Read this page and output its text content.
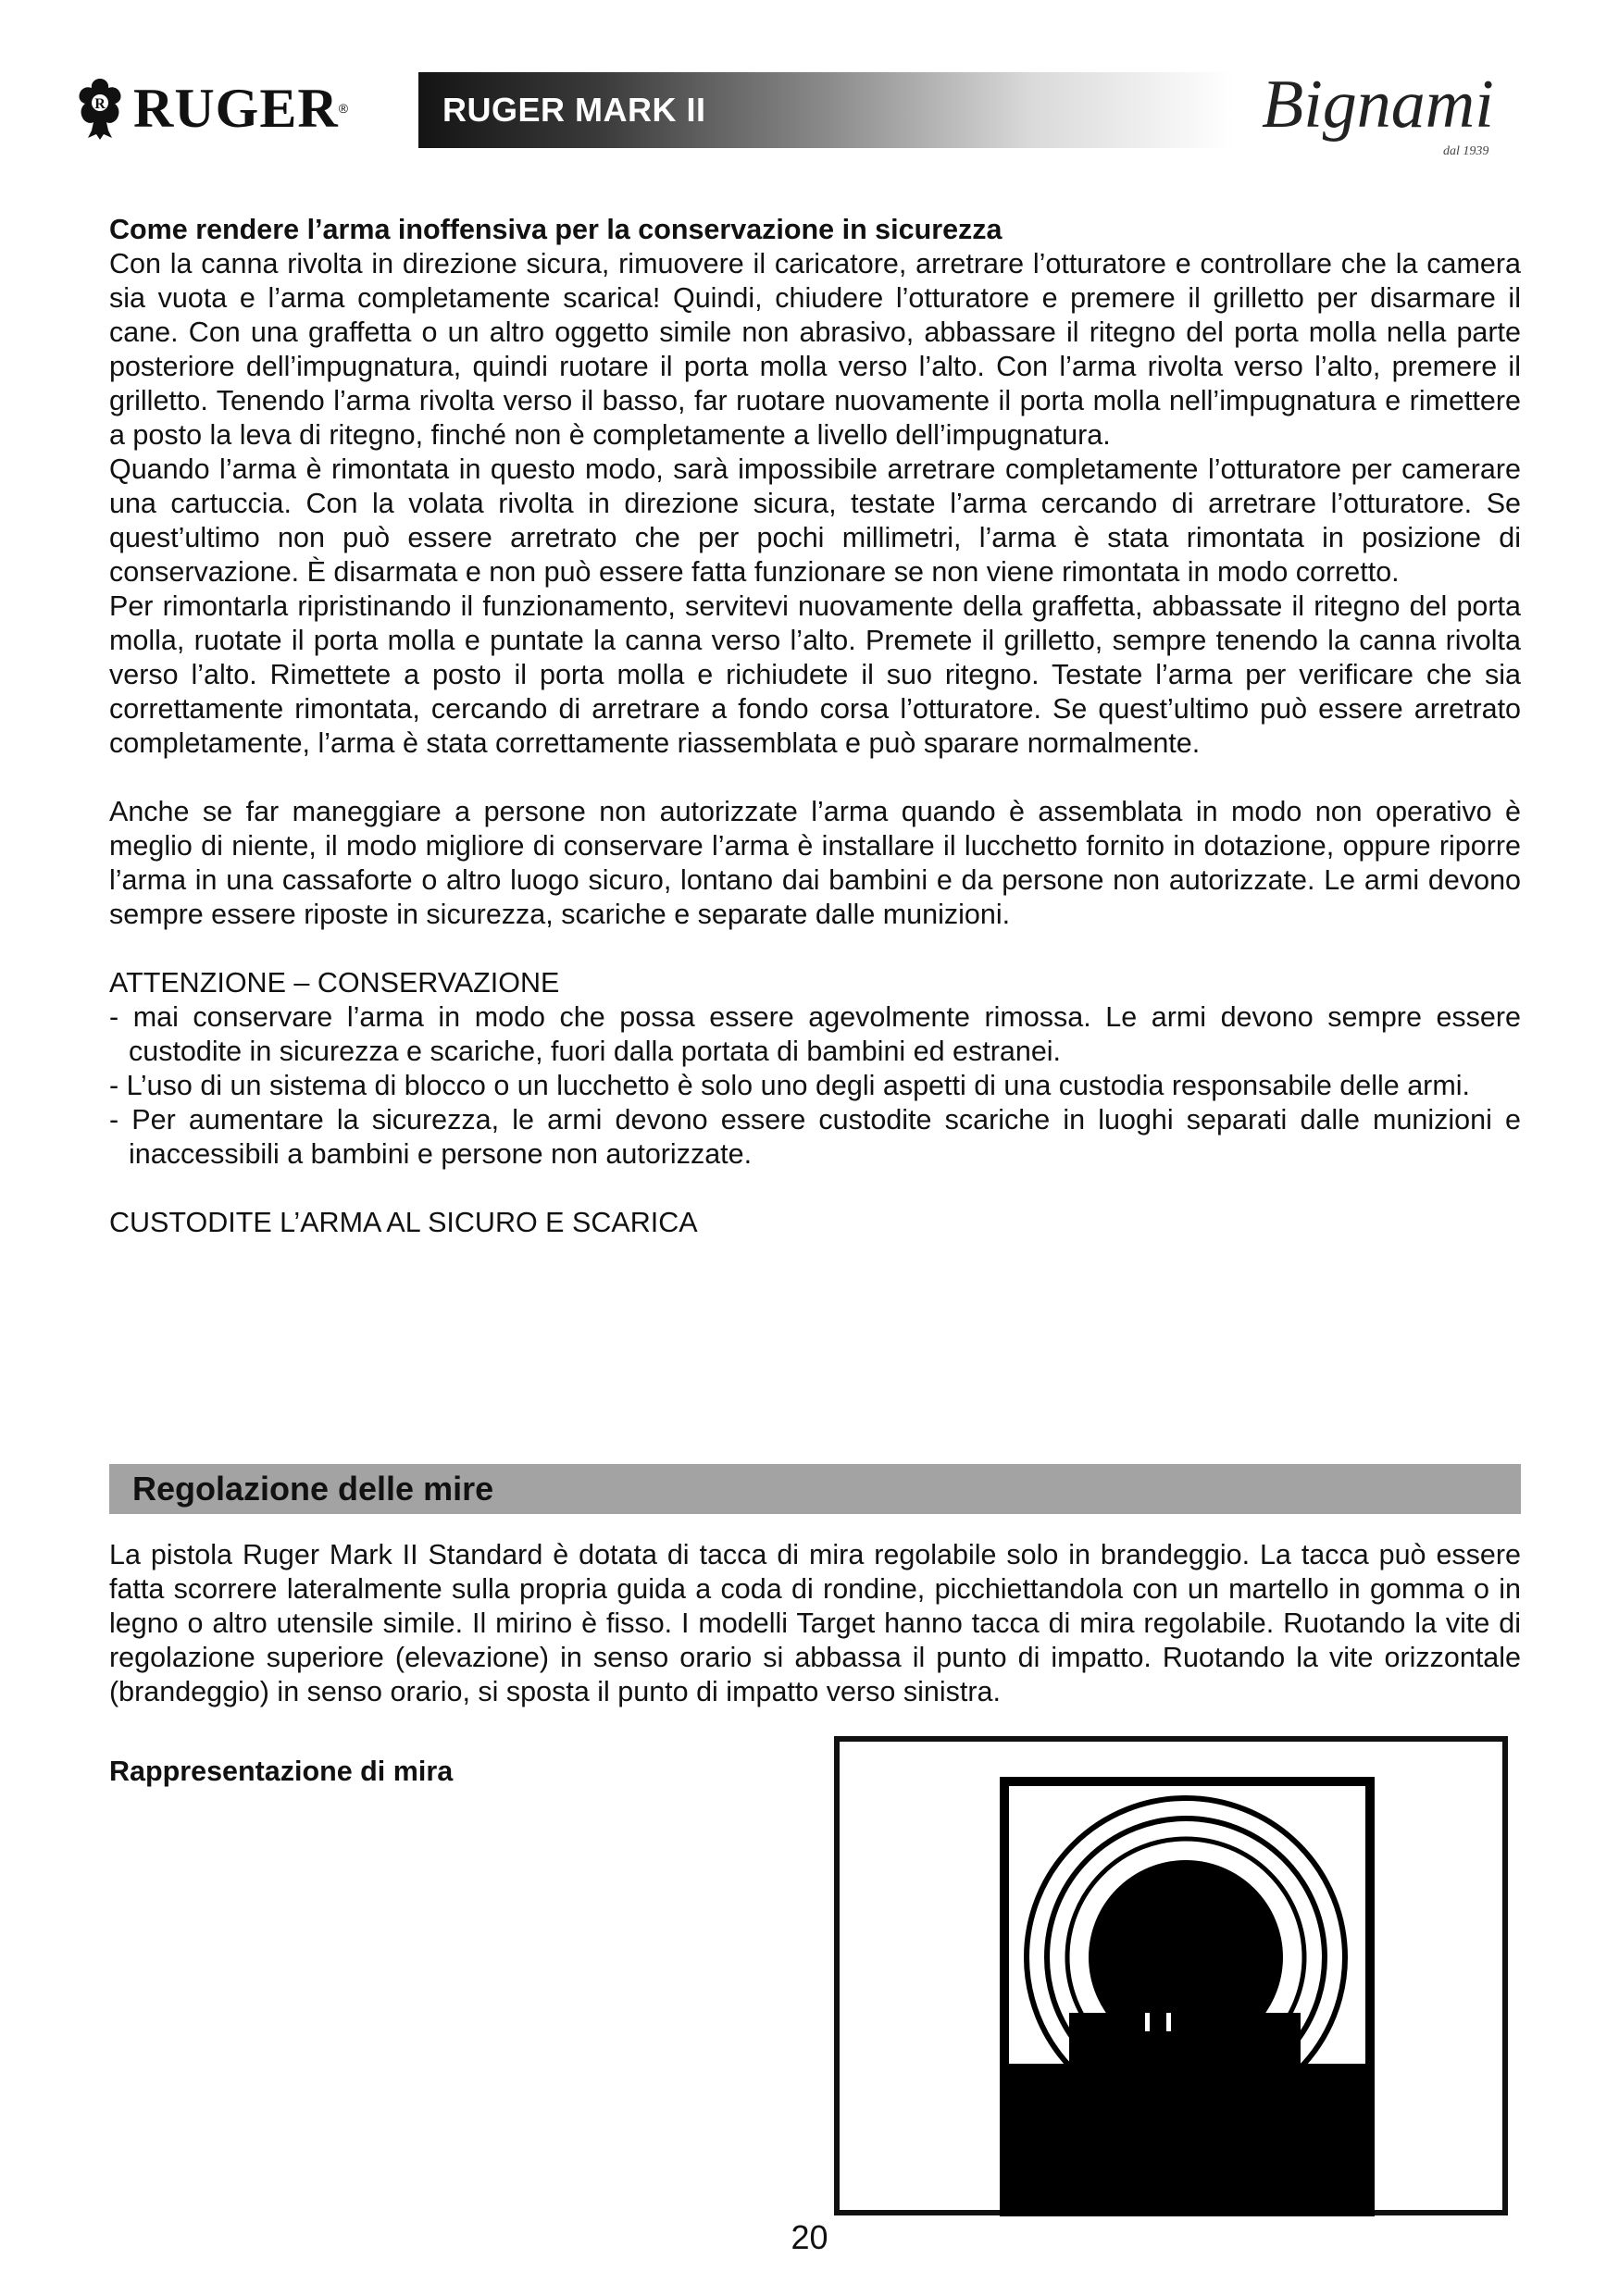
R RUGER ®	RUGER MARK II	Bignami
dal 1939

Come rendere l’arma inoffensiva per la conservazione in sicurezza

Con la canna rivolta in direzione sicura, rimuovere il caricatore, arretrare l’otturatore e controllare che la camera sia vuota e l’arma completamente scarica! Quindi, chiudere l’otturatore e premere il grilletto per disarmare il cane. Con una graffetta o un altro oggetto simile non abrasivo, abbassare il ritegno del porta molla nella parte posteriore dell’impugnatura, quindi ruotare il porta molla verso l’alto. Con l’arma rivolta verso l’alto, premere il grilletto. Tenendo l’arma rivolta verso il basso, far ruotare nuovamente il porta molla nell’impugnatura e rimettere a posto la leva di ritegno, finché non è completamente a livello dell’impugnatura.

Quando l’arma è rimontata in questo modo, sarà impossibile arretrare completamente l’otturatore per camerare una cartuccia. Con la volata rivolta in direzione sicura, testate l’arma cercando di arretrare l’otturatore. Se quest’ultimo non può essere arretrato che per pochi millimetri, l’arma è stata rimontata in posizione di conservazione. È disarmata e non può essere fatta funzionare se non viene rimontata in modo corretto.

Per rimontarla ripristinando il funzionamento, servitevi nuovamente della graffetta, abbassate il ritegno del porta molla, ruotate il porta molla e puntate la canna verso l’alto. Premete il grilletto, sempre tenendo la canna rivolta verso l’alto. Rimettete a posto il porta molla e richiudete il suo ritegno. Testate l’arma per verificare che sia correttamente rimontata, cercando di arretrare a fondo corsa l’otturatore. Se quest’ultimo può essere arretrato completamente, l’arma è stata correttamente riassemblata e può sparare normalmente.

Anche se far maneggiare a persone non autorizzate l’arma quando è assemblata in modo non operativo è meglio di niente, il modo migliore di conservare l’arma è installare il lucchetto fornito in dotazione, oppure riporre l’arma in una cassaforte o altro luogo sicuro, lontano dai bambini e da persone non autorizzate. Le armi devono sempre essere riposte in sicurezza, scariche e separate dalle munizioni.

ATTENZIONE – CONSERVAZIONE

- mai conservare l’arma in modo che possa essere agevolmente rimossa. Le armi devono sempre essere custodite in sicurezza e scariche, fuori dalla portata di bambini ed estranei.

- L’uso di un sistema di blocco o un lucchetto è solo uno degli aspetti di una custodia responsabile delle armi.

- Per aumentare la sicurezza, le armi devono essere custodite scariche in luoghi separati dalle munizioni e inaccessibili a bambini e persone non autorizzate.

CUSTODITE L’ARMA AL SICURO E SCARICA

Regolazione delle mire

La pistola Ruger Mark II Standard è dotata di tacca di mira regolabile solo in brandeggio. La tacca può essere fatta scorrere lateralmente sulla propria guida a coda di rondine, picchiettandola con un martello in gomma o in legno o altro utensile simile. Il mirino è fisso. I modelli Target hanno tacca di mira regolabile. Ruotando la vite di regolazione superiore (elevazione) in senso orario si abbassa il punto di impatto. Ruotando la vite orizzontale (brandeggio) in senso orario, si sposta il punto di impatto verso sinistra.

Rappresentazione di mira
20
